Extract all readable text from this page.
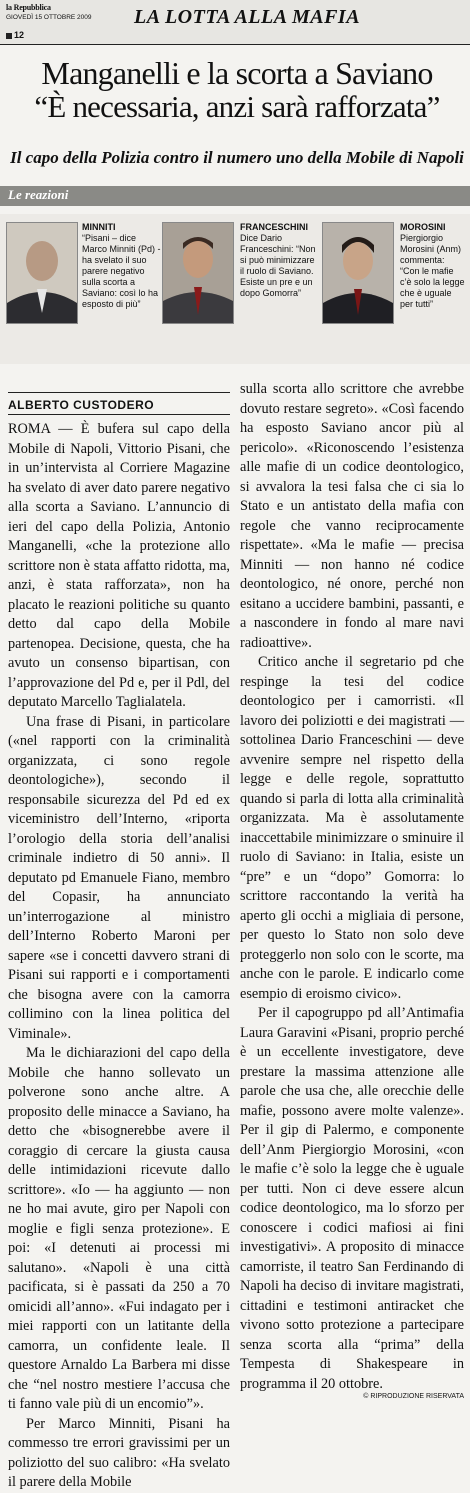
la Repubblica
GIOVEDÌ 15 OTTOBRE 2009
12
LA LOTTA ALLA MAFIA
Manganelli e la scorta a Saviano
“È necessaria, anzi sarà rafforzata”
Il capo della Polizia contro il numero uno della Mobile di Napoli
Le reazioni
MINNITI
“Pisani – dice Marco Minniti (Pd) - ha svelato il suo parere negativo sulla scorta a Saviano: così lo ha esposto di più”
FRANCESCHINI
Dice Dario Franceschini: “Non si può minimizzare il ruolo di Saviano. Esiste un pre e un dopo Gomorra”
MOROSINI
Piergiorgio Morosini (Anm) commenta: “Con le mafie c’è solo la legge che è uguale per tutti”
ALBERTO CUSTODERO

ROMA — È bufera sul capo della Mobile di Napoli, Vittorio Pisani, che in un’intervista al Corriere Magazine ha svelato di aver dato parere negativo alla scorta a Saviano. L’annuncio di ieri del capo della Polizia, Antonio Manganelli, «che la protezione allo scrittore non è stata affatto ridotta, ma, anzi, è stata rafforzata», non ha placato le reazioni politiche su quanto detto dal capo della Mobile partenopea. Decisione, questa, che ha avuto un consenso bipartisan, con l’approvazione del Pd e, per il Pdl, del deputato Marcello Taglialatela.

Una frase di Pisani, in particolare («nel rapporti con la criminalità organizzata, ci sono regole deontologiche»), secondo il responsabile sicurezza del Pd ed ex viceministro dell’Interno, «riporta l’orologio della storia dell’analisi criminale indietro di 50 anni». Il deputato pd Emanuele Fiano, membro del Copasir, ha annunciato un’interrogazione al ministro dell’Interno Roberto Maroni per sapere «se i concetti davvero strani di Pisani sui rapporti e i comportamenti che bisogna avere con la camorra collimino con la linea politica del Viminale».

Ma le dichiarazioni del capo della Mobile che hanno sollevato un polverone sono anche altre. A proposito delle minacce a Saviano, ha detto che «bisognerebbe avere il coraggio di cercare la giusta causa delle intimidazioni ricevute dallo scrittore». «Io — ha aggiunto — non ne ho mai avute, giro per Napoli con moglie e figli senza protezione». E poi: «I detenuti ai processi mi salutano». «Napoli è una città pacificata, si è passati da 250 a 70 omicidi all’anno». «Fui indagato per i miei rapporti con un latitante della camorra, un confidente leale. Il questore Arnaldo La Barbera mi disse che “nel nostro mestiere l’accusa che ti fanno vale più di un encomio”».

Per Marco Minniti, Pisani ha commesso tre errori gravissimi per un poliziotto del suo calibro: «Ha svelato il parere della Mobile

sulla scorta allo scrittore che avrebbe dovuto restare segreto». «Così facendo ha esposto Saviano ancor più al pericolo». «Riconoscendo l’esistenza alle mafie di un codice deontologico, si avvalora la tesi falsa che ci sia lo Stato e un antistato della mafia con regole che vanno reciprocamente rispettate». «Ma le mafie — precisa Minniti — non hanno né codice deontologico, né onore, perché non esitano a uccidere bambini, passanti, e a nascondere in fondo al mare navi radioattive».

Critico anche il segretario pd che respinge la tesi del codice deontologico per i camorristi. «Il lavoro dei poliziotti e dei magistrati — sottolinea Dario Franceschini — deve avvenire sempre nel rispetto della legge e delle regole, soprattutto quando si parla di lotta alla criminalità organizzata. Ma è assolutamente inaccettabile minimizzare o sminuire il ruolo di Saviano: in Italia, esiste un “pre” e un “dopo” Gomorra: lo scrittore raccontando la verità ha aperto gli occhi a migliaia di persone, per questo lo Stato non solo deve proteggerlo non solo con le scorte, ma anche con le parole. E indicarlo come esempio di eroismo civico».

Per il capogruppo pd all’Antimafia Laura Garavini «Pisani, proprio perché è un eccellente investigatore, deve prestare la massima attenzione alle parole che usa che, alle orecchie delle mafie, possono avere molte valenze». Per il gip di Palermo, e componente dell’Anm Piergiorgio Morosini, «con le mafie c’è solo la legge che è uguale per tutti. Non ci deve essere alcun codice deontologico, ma lo sforzo per conoscere i codici mafiosi ai fini investigativi». A proposito di minacce camorriste, il teatro San Ferdinando di Napoli ha deciso di invitare magistrati, cittadini e testimoni antiracket che vivono sotto protezione a partecipare senza scorta alla “prima” della Tempesta di Shakespeare in programma il 20 ottobre.

© RIPRODUZIONE RISERVATA
